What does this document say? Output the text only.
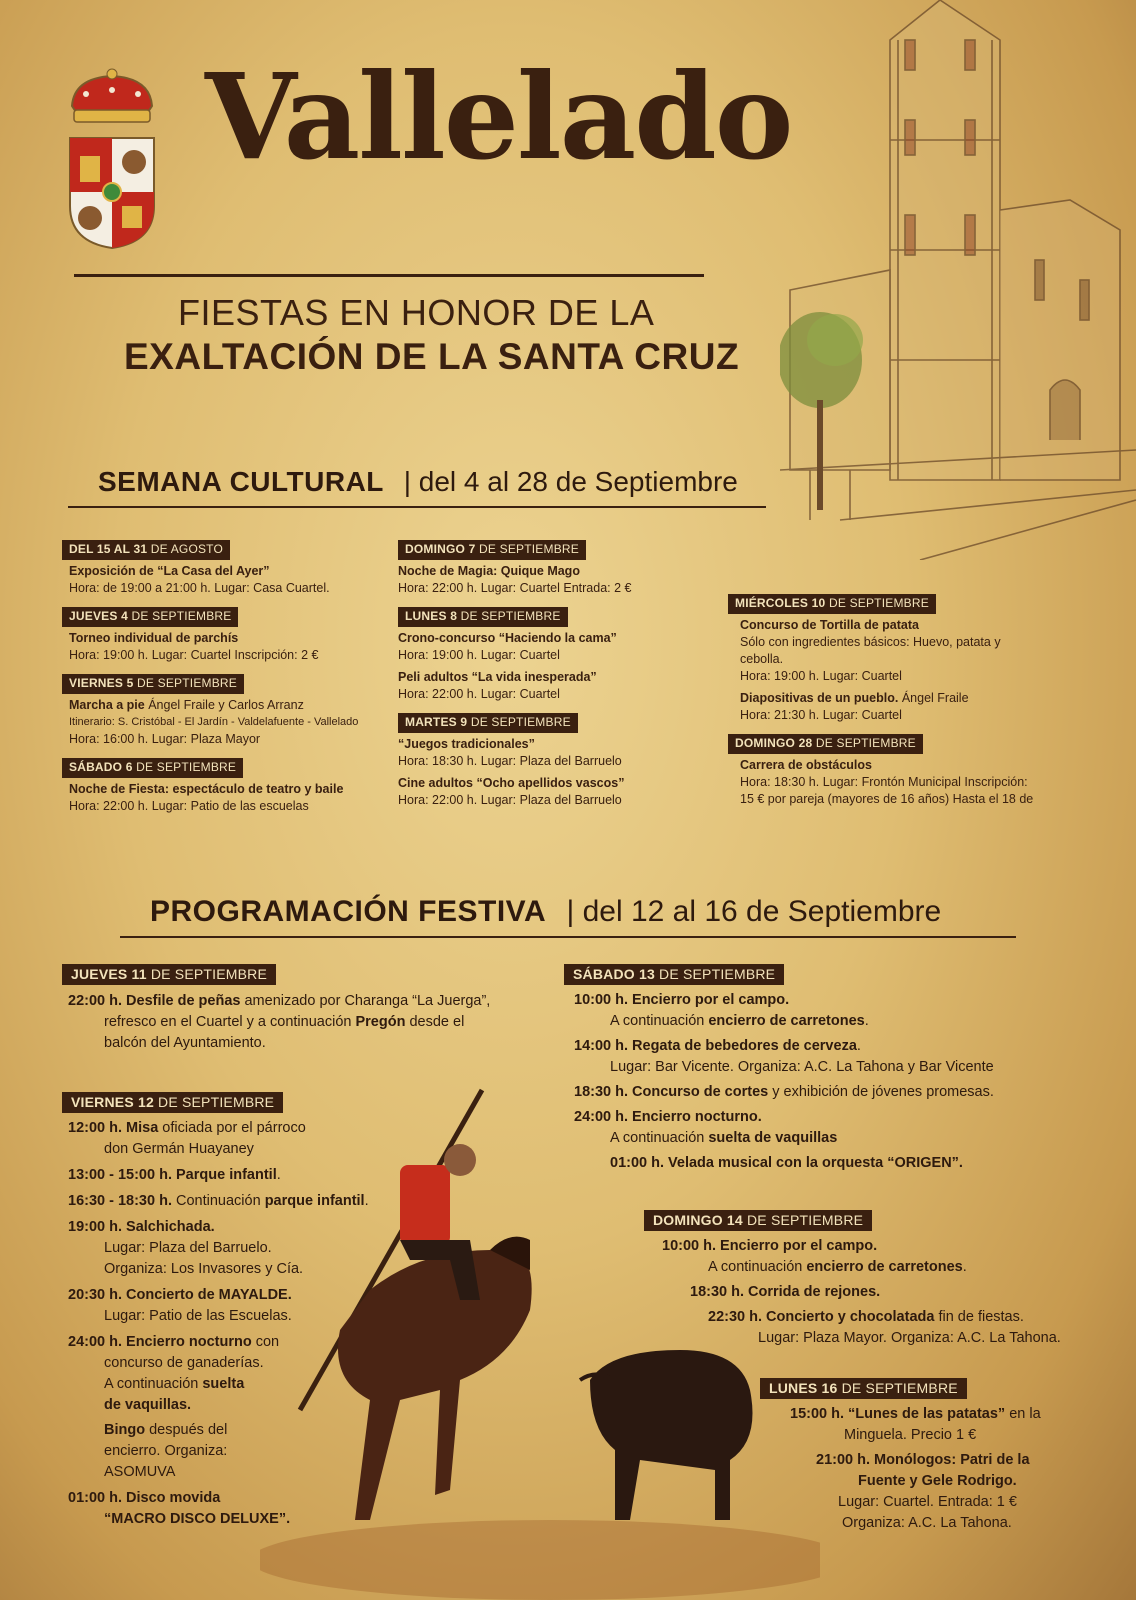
Vallelado
FIESTAS EN HONOR DE LA
EXALTACIÓN DE LA SANTA CRUZ
SEMANA CULTURAL | del 4 al 28 de Septiembre
DEL 15 AL 31 DE AGOSTO
Exposición de “La Casa del Ayer”
Hora: de 19:00 a 21:00 h. Lugar: Casa Cuartel.
JUEVES 4 DE SEPTIEMBRE
Torneo individual de parchís
Hora: 19:00 h. Lugar: Cuartel Inscripción: 2 €
VIERNES 5 DE SEPTIEMBRE
Marcha a pie Ángel Fraile y Carlos Arranz
Itinerario: S. Cristóbal - El Jardín - Valdelafuente - Vallelado
Hora: 16:00 h. Lugar: Plaza Mayor
SÁBADO 6 DE SEPTIEMBRE
Noche de Fiesta: espectáculo de teatro y baile
Hora: 22:00 h. Lugar: Patio de las escuelas
DOMINGO 7 DE SEPTIEMBRE
Noche de Magia: Quique Mago
Hora: 22:00 h. Lugar: Cuartel Entrada: 2 €
LUNES 8 DE SEPTIEMBRE
Crono-concurso “Haciendo la cama”
Hora: 19:00 h. Lugar: Cuartel
Peli adultos “La vida inesperada”
Hora: 22:00 h. Lugar: Cuartel
MARTES 9 DE SEPTIEMBRE
“Juegos tradicionales”
Hora: 18:30 h. Lugar: Plaza del Barruelo
Cine adultos “Ocho apellidos vascos”
Hora: 22:00 h. Lugar: Plaza del Barruelo
MIÉRCOLES 10 DE SEPTIEMBRE
Concurso de Tortilla de patata
Sólo con ingredientes básicos: Huevo, patata y cebolla.
Hora: 19:00 h. Lugar: Cuartel
Diapositivas de un pueblo. Ángel Fraile
Hora: 21:30 h. Lugar: Cuartel
DOMINGO 28 DE SEPTIEMBRE
Carrera de obstáculos
Hora: 18:30 h. Lugar: Frontón Municipal Inscripción:
15 € por pareja (mayores de 16 años) Hasta el 18 de
PROGRAMACIÓN FESTIVA | del 12 al 16 de Septiembre
JUEVES 11 DE SEPTIEMBRE
22:00 h. Desfile de peñas amenizado por Charanga “La Juerga”,
refresco en el Cuartel y a continuación Pregón desde el
balcón del Ayuntamiento.
VIERNES 12 DE SEPTIEMBRE
12:00 h. Misa oficiada por el párroco
don Germán Huayaney
13:00 - 15:00 h. Parque infantil.
16:30 - 18:30 h. Continuación parque infantil.
19:00 h. Salchichada.
Lugar: Plaza del Barruelo.
Organiza: Los Invasores y Cía.
20:30 h. Concierto de MAYALDE.
Lugar: Patio de las Escuelas.
24:00 h. Encierro nocturno con
concurso de ganaderías.
A continuación suelta
de vaquillas.
Bingo después del
encierro. Organiza:
ASOMUVA
01:00 h. Disco movida
“MACRO DISCO DELUXE”.
SÁBADO 13 DE SEPTIEMBRE
10:00 h. Encierro por el campo.
A continuación encierro de carretones.
14:00 h. Regata de bebedores de cerveza.
Lugar: Bar Vicente. Organiza: A.C. La Tahona y Bar Vicente
18:30 h. Concurso de cortes y exhibición de jóvenes promesas.
24:00 h. Encierro nocturno.
A continuación suelta de vaquillas
01:00 h. Velada musical con la orquesta “ORIGEN”.
DOMINGO 14 DE SEPTIEMBRE
10:00 h. Encierro por el campo.
A continuación encierro de carretones.
18:30 h. Corrida de rejones.
22:30 h. Concierto y chocolatada fin de fiestas.
Lugar: Plaza Mayor. Organiza: A.C. La Tahona.
LUNES 16 DE SEPTIEMBRE
15:00 h. “Lunes de las patatas” en la
Minguela. Precio 1 €
21:00 h. Monólogos: Patri de la
Fuente y Gele Rodrigo.
Lugar: Cuartel. Entrada: 1 €
Organiza: A.C. La Tahona.
